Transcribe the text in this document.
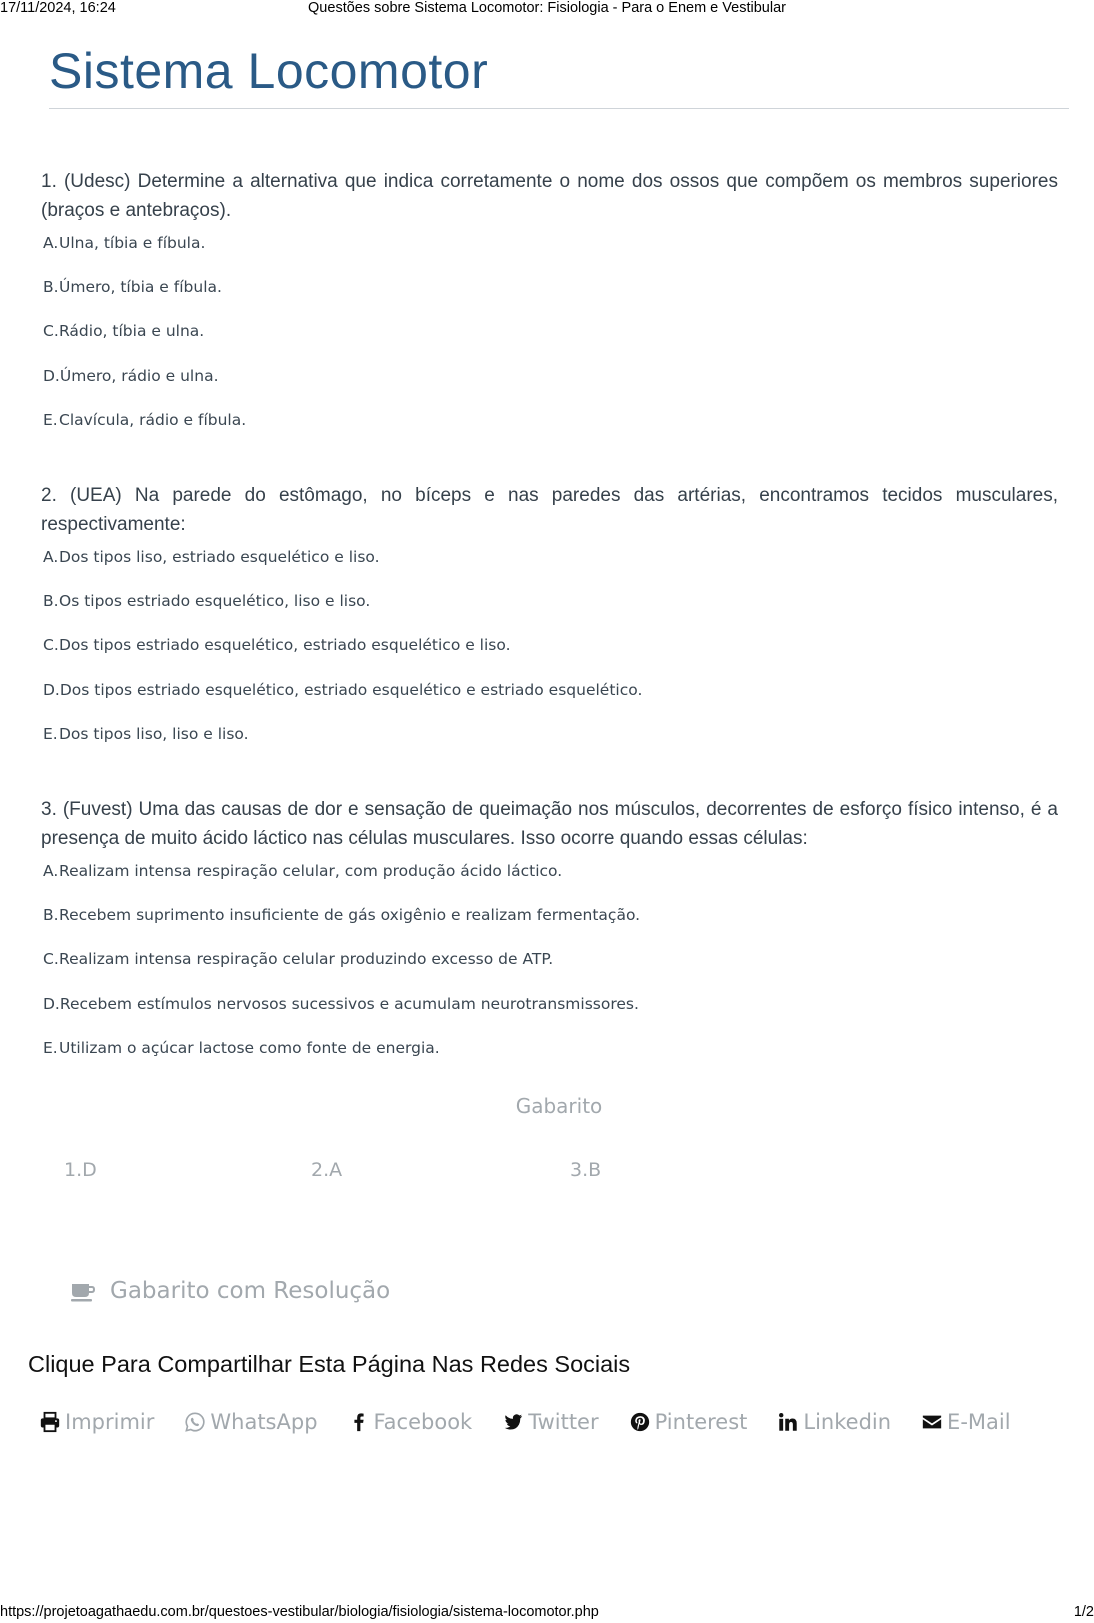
17/11/2024, 16:24	Questões sobre Sistema Locomotor: Fisiologia - Para o Enem e Vestibular
Sistema Locomotor

1. (Udesc) Determine a alternativa que indica corretamente o nome dos ossos que compõem os membros superiores (braços e antebraços).

A.Ulna, tíbia e fíbula.
B.Úmero, tíbia e fíbula.
C.Rádio, tíbia e ulna.
D.Úmero, rádio e ulna.
E.Clavícula, rádio e fíbula.

2. (UEA) Na parede do estômago, no bíceps e nas paredes das artérias, encontramos tecidos musculares, respectivamente:

A.Dos tipos liso, estriado esquelético e liso.
B.Os tipos estriado esquelético, liso e liso.
C.Dos tipos estriado esquelético, estriado esquelético e liso.
D.Dos tipos estriado esquelético, estriado esquelético e estriado esquelético.
E.Dos tipos liso, liso e liso.

3. (Fuvest) Uma das causas de dor e sensação de queimação nos músculos, decorrentes de esforço físico intenso, é a presença de muito ácido láctico nas células musculares. Isso ocorre quando essas células:

A.Realizam intensa respiração celular, com produção ácido láctico.
B.Recebem suprimento insuficiente de gás oxigênio e realizam fermentação.
C.Realizam intensa respiração celular produzindo excesso de ATP.
D.Recebem estímulos nervosos sucessivos e acumulam neurotransmissores.
E.Utilizam o açúcar lactose como fonte de energia.
Gabarito
1.D	2.A	3.B
Gabarito com Resolução
Clique Para Compartilhar Esta Página Nas Redes Sociais
Imprimir	WhatsApp	Facebook	Twitter	Pinterest	Linkedin	E-Mail
https://projetoagathaedu.com.br/questoes-vestibular/biologia/fisiologia/sistema-locomotor.php	1/2
